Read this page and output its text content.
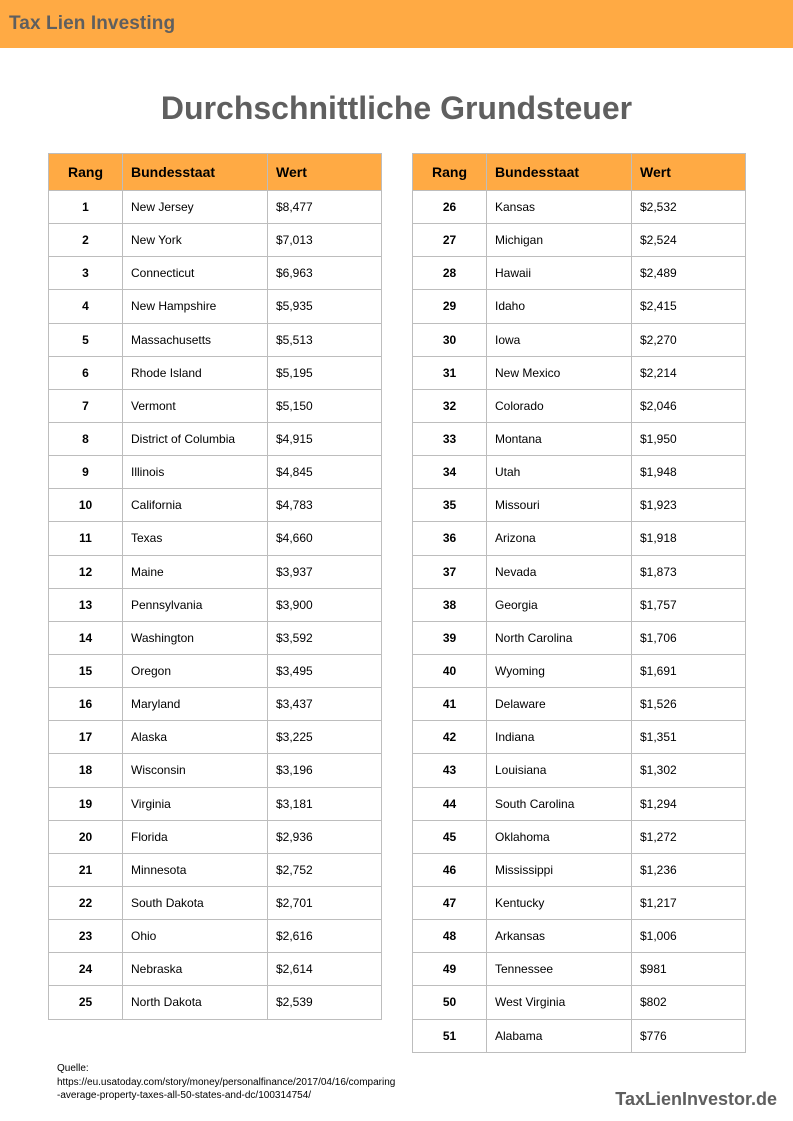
Tax Lien Investing
Durchschnittliche Grundsteuer
Rang	Bundesstaat	Wert
1	New Jersey	$8,477
2	New York	$7,013
3	Connecticut	$6,963
4	New Hampshire	$5,935
5	Massachusetts	$5,513
6	Rhode Island	$5,195
7	Vermont	$5,150
8	District of Columbia	$4,915
9	Illinois	$4,845
10	California	$4,783
11	Texas	$4,660
12	Maine	$3,937
13	Pennsylvania	$3,900
14	Washington	$3,592
15	Oregon	$3,495
16	Maryland	$3,437
17	Alaska	$3,225
18	Wisconsin	$3,196
19	Virginia	$3,181
20	Florida	$2,936
21	Minnesota	$2,752
22	South Dakota	$2,701
23	Ohio	$2,616
24	Nebraska	$2,614
25	North Dakota	$2,539
Rang	Bundesstaat	Wert
26	Kansas	$2,532
27	Michigan	$2,524
28	Hawaii	$2,489
29	Idaho	$2,415
30	Iowa	$2,270
31	New Mexico	$2,214
32	Colorado	$2,046
33	Montana	$1,950
34	Utah	$1,948
35	Missouri	$1,923
36	Arizona	$1,918
37	Nevada	$1,873
38	Georgia	$1,757
39	North Carolina	$1,706
40	Wyoming	$1,691
41	Delaware	$1,526
42	Indiana	$1,351
43	Louisiana	$1,302
44	South Carolina	$1,294
45	Oklahoma	$1,272
46	Mississippi	$1,236
47	Kentucky	$1,217
48	Arkansas	$1,006
49	Tennessee	$981
50	West Virginia	$802
51	Alabama	$776
Quelle:
https://eu.usatoday.com/story/money/personalfinance/2017/04/16/comparing-average-property-taxes-all-50-states-and-dc/100314754/	TaxLienInvestor.de
